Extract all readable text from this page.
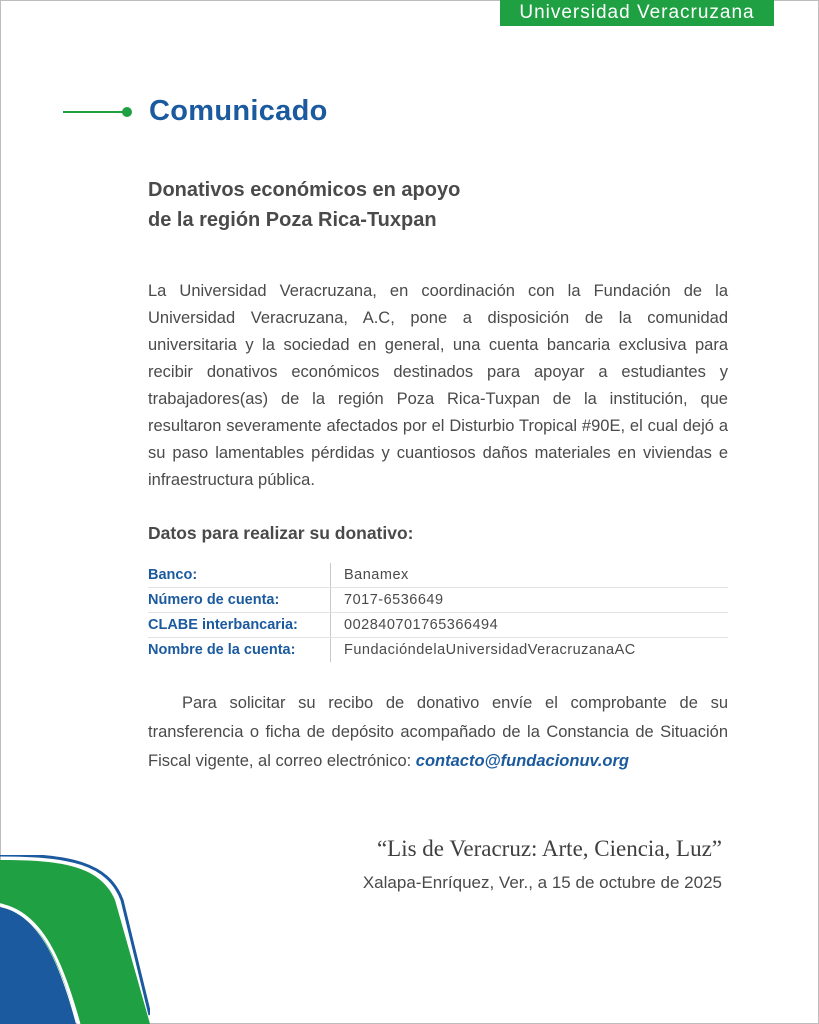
Universidad Veracruzana
Comunicado
Donativos económicos en apoyo
de la región Poza Rica-Tuxpan

La Universidad Veracruzana, en coordinación con la Fundación de la Universidad Veracruzana, A.C, pone a disposición de la comunidad universitaria y la sociedad en general, una cuenta bancaria exclusiva para recibir donativos económicos destinados para apoyar a estudiantes y trabajadores(as) de la región Poza Rica-Tuxpan de la institución, que resultaron severamente afectados por el Disturbio Tropical #90E, el cual dejó a su paso lamentables pérdidas y cuantiosos daños materiales en viviendas e infraestructura pública.

Datos para realizar su donativo:
Banco:	Banamex
Número de cuenta:	7017-6536649
CLABE interbancaria:	002840701765366494
Nombre de la cuenta:	FundacióndelaUniversidadVeracruzanaAC

Para solicitar su recibo de donativo envíe el comprobante de su transferencia o ficha de depósito acompañado de la Constancia de Situación Fiscal vigente, al correo electrónico: contacto@fundacionuv.org

“Lis de Veracruz: Arte, Ciencia, Luz”
Xalapa-Enríquez, Ver., a 15 de octubre de 2025
